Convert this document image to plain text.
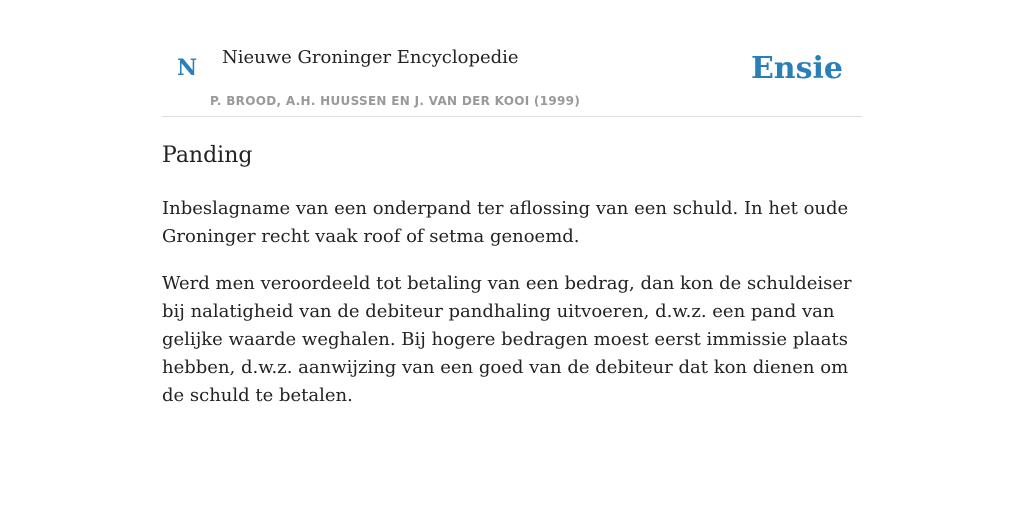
N Nieuwe Groninger Encyclopedie
P. BROOD, A.H. HUUSSEN EN J. VAN DER KOOI (1999)
Ensie
Panding

Inbeslagname van een onderpand ter aflossing van een schuld. In het oude Groninger recht vaak roof of setma genoemd.

Werd men veroordeeld tot betaling van een bedrag, dan kon de schuldeiser bij nalatigheid van de debiteur pandhaling uitvoeren, d.w.z. een pand van gelijke waarde weghalen. Bij hogere bedragen moest eerst immissie plaats hebben, d.w.z. aanwijzing van een goed van de debiteur dat kon dienen om de schuld te betalen.
